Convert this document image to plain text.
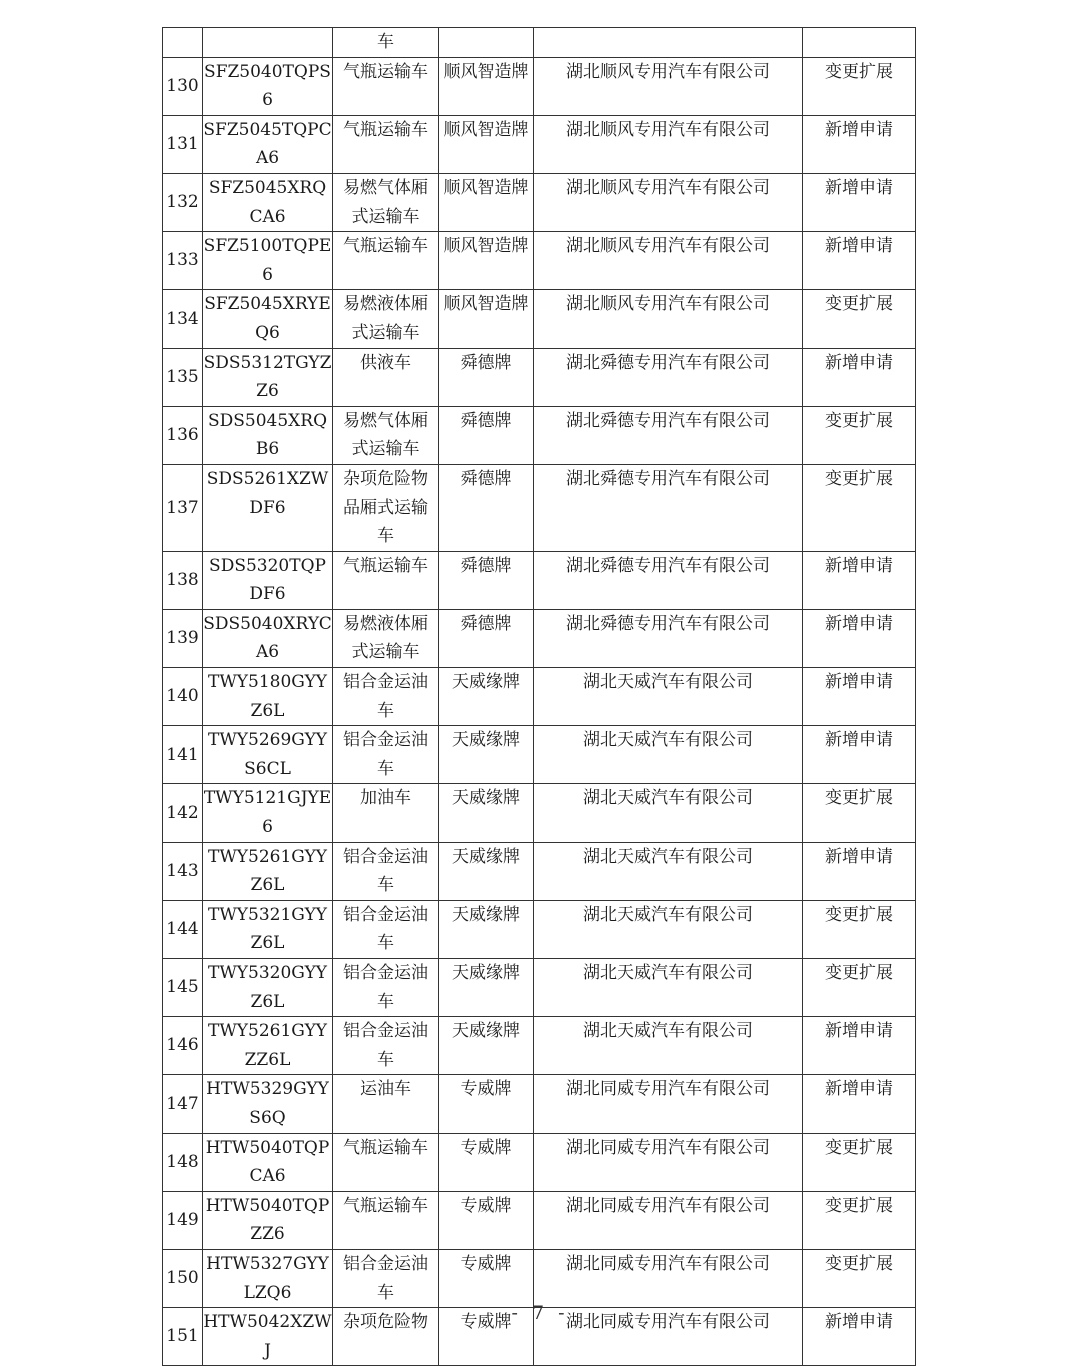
		车			
130	SFZ5040TQPS6	气瓶运输车	顺风智造牌	湖北顺风专用汽车有限公司	变更扩展
131	SFZ5045TQPCA6	气瓶运输车	顺风智造牌	湖北顺风专用汽车有限公司	新增申请
132	SFZ5045XRQCA6	易燃气体厢式运输车	顺风智造牌	湖北顺风专用汽车有限公司	新增申请
133	SFZ5100TQPE6	气瓶运输车	顺风智造牌	湖北顺风专用汽车有限公司	新增申请
134	SFZ5045XRYEQ6	易燃液体厢式运输车	顺风智造牌	湖北顺风专用汽车有限公司	变更扩展
135	SDS5312TGYZZ6	供液车	舜德牌	湖北舜德专用汽车有限公司	新增申请
136	SDS5045XRQB6	易燃气体厢式运输车	舜德牌	湖北舜德专用汽车有限公司	变更扩展
137	SDS5261XZWDF6	杂项危险物品厢式运输车	舜德牌	湖北舜德专用汽车有限公司	变更扩展
138	SDS5320TQPDF6	气瓶运输车	舜德牌	湖北舜德专用汽车有限公司	新增申请
139	SDS5040XRYCA6	易燃液体厢式运输车	舜德牌	湖北舜德专用汽车有限公司	新增申请
140	TWY5180GYYZ6L	铝合金运油车	天威缘牌	湖北天威汽车有限公司	新增申请
141	TWY5269GYYS6CL	铝合金运油车	天威缘牌	湖北天威汽车有限公司	新增申请
142	TWY5121GJYE6	加油车	天威缘牌	湖北天威汽车有限公司	变更扩展
143	TWY5261GYYZ6L	铝合金运油车	天威缘牌	湖北天威汽车有限公司	新增申请
144	TWY5321GYYZ6L	铝合金运油车	天威缘牌	湖北天威汽车有限公司	变更扩展
145	TWY5320GYYZ6L	铝合金运油车	天威缘牌	湖北天威汽车有限公司	变更扩展
146	TWY5261GYYZZ6L	铝合金运油车	天威缘牌	湖北天威汽车有限公司	新增申请
147	HTW5329GYYS6Q	运油车	专威牌	湖北同威专用汽车有限公司	新增申请
148	HTW5040TQPCA6	气瓶运输车	专威牌	湖北同威专用汽车有限公司	变更扩展
149	HTW5040TQPZZ6	气瓶运输车	专威牌	湖北同威专用汽车有限公司	变更扩展
150	HTW5327GYYLZQ6	铝合金运油车	专威牌	湖北同威专用汽车有限公司	变更扩展
151	HTW5042XZWJ	杂项危险物	专威牌	湖北同威专用汽车有限公司	新增申请
- 7 -
